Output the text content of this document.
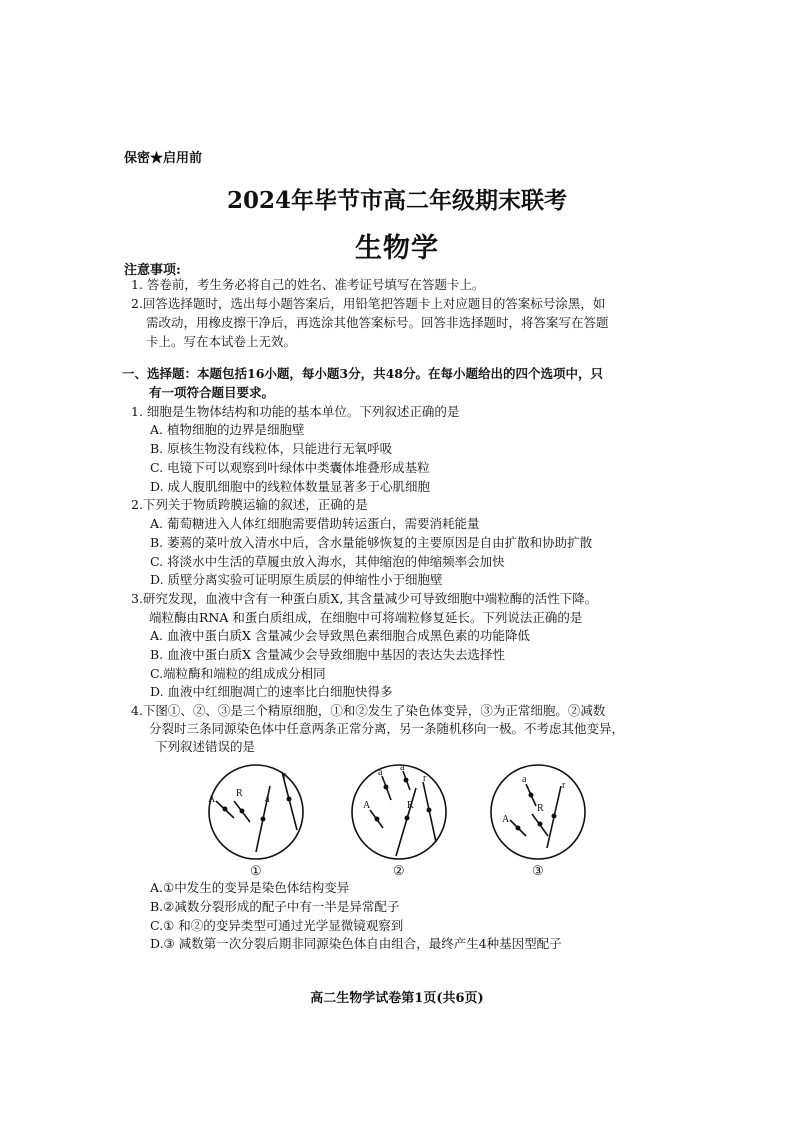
保密★启用前
2024年毕节市高二年级期末联考
生物学
注意事项:
1. 答卷前，考生务必将自己的姓名、准考证号填写在答题卡上。
2.回答选择题时，选出每小题答案后，用铅笔把答题卡上对应题目的答案标号涂黑，如
需改动，用橡皮擦干净后，再选涂其他答案标号。回答非选择题时，将答案写在答题
卡上。写在本试卷上无效。
一、选择题：本题包括16小题，每小题3分，共48分。在每小题给出的四个选项中，只
有一项符合题目要求。
1. 细胞是生物体结构和功能的基本单位。下列叙述正确的是
A. 植物细胞的边界是细胞壁
B. 原核生物没有线粒体，只能进行无氧呼吸
C. 电镜下可以观察到叶绿体中类囊体堆叠形成基粒
D. 成人腹肌细胞中的线粒体数量显著多于心肌细胞
2.下列关于物质跨膜运输的叙述，正确的是
A. 葡萄糖进入人体红细胞需要借助转运蛋白，需要消耗能量
B. 萎蔫的菜叶放入清水中后，含水量能够恢复的主要原因是自由扩散和协助扩散
C. 将淡水中生活的草履虫放入海水，其伸缩泡的伸缩频率会加快
D. 质壁分离实验可证明原生质层的伸缩性小于细胞壁
3.研究发现，血液中含有一种蛋白质X, 其含量减少可导致细胞中端粒酶的活性下降。
端粒酶由RNA 和蛋白质组成，在细胞中可将端粒修复延长。下列说法正确的是
A. 血液中蛋白质X 含量减少会导致黑色素细胞合成黑色素的功能降低
B. 血液中蛋白质X 含量减少会导致细胞中基因的表达失去选择性
C.端粒酶和端粒的组成成分相同
D. 血液中红细胞凋亡的速率比白细胞快得多
4.下图①、②、③是三个精原细胞，①和②发生了染色体变异，③为正常细胞。②减数
分裂时三条同源染色体中任意两条正常分离，另一条随机移向一极。不考虑其他变异，
下列叙述错误的是
A
R
a
r	a a
A	R
r	a
A
R
r
①	②	③
A.①中发生的变异是染色体结构变异
B.②减数分裂形成的配子中有一半是异常配子
C.① 和②的变异类型可通过光学显微镜观察到
D.③ 减数第一次分裂后期非同源染色体自由组合，最终产生4种基因型配子
高二生物学试卷第1页(共6页)
